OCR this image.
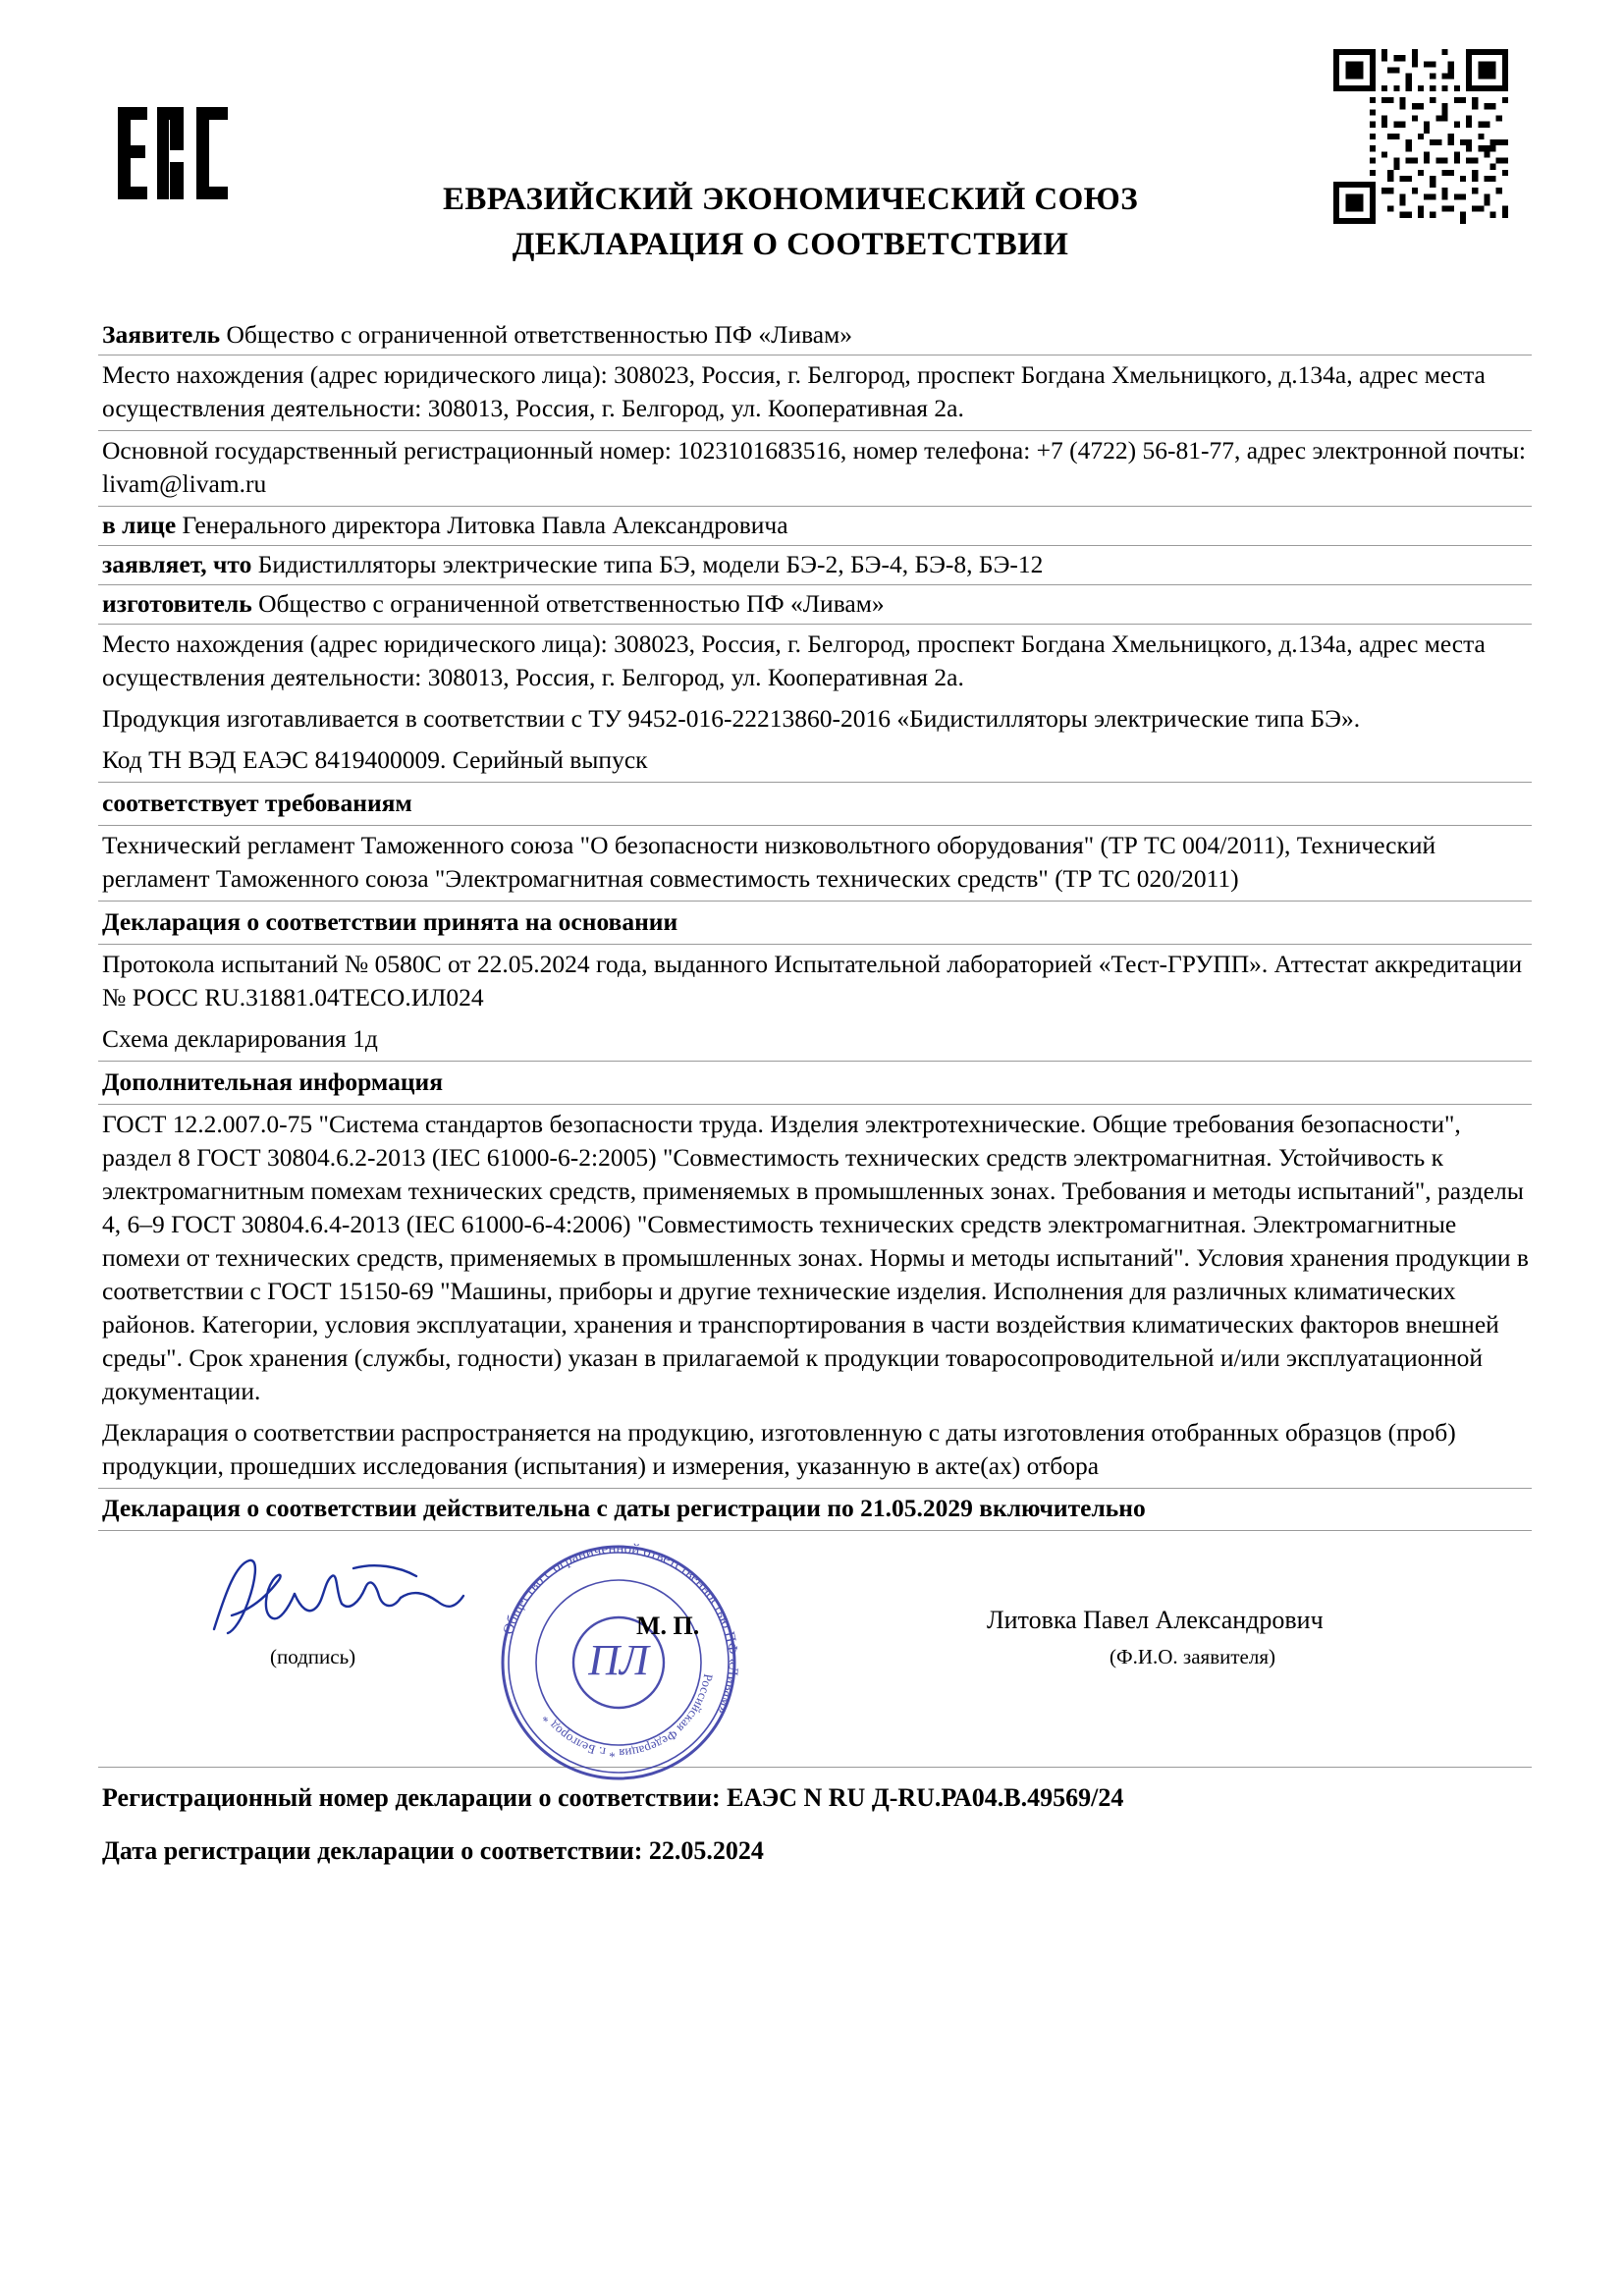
ЕВРАЗИЙСКИЙ ЭКОНОМИЧЕСКИЙ СОЮЗ
ДЕКЛАРАЦИЯ О СООТВЕТСТВИИ
Заявитель Общество с ограниченной ответственностью ПФ «Ливам»
Место нахождения (адрес юридического лица): 308023, Россия, г. Белгород, проспект Богдана Хмельницкого, д.134а, адрес места осуществления деятельности: 308013, Россия, г. Белгород, ул. Кооперативная 2а.
Основной государственный регистрационный номер: 1023101683516, номер телефона: +7 (4722) 56-81-77, адрес электронной почты: livam@livam.ru
в лице Генерального директора Литовка Павла Александровича
заявляет, что Бидистилляторы электрические типа БЭ, модели БЭ-2, БЭ-4, БЭ-8, БЭ-12
изготовитель Общество с ограниченной ответственностью ПФ «Ливам»
Место нахождения (адрес юридического лица): 308023, Россия, г. Белгород, проспект Богдана Хмельницкого, д.134а, адрес места осуществления деятельности: 308013, Россия, г. Белгород, ул. Кооперативная 2а.
Продукция изготавливается в соответствии с ТУ 9452-016-22213860-2016 «Бидистилляторы электрические типа БЭ».
Код ТН ВЭД ЕАЭС 8419400009. Серийный выпуск
соответствует требованиям
Технический регламент Таможенного союза "О безопасности низковольтного оборудования" (ТР ТС 004/2011), Технический регламент Таможенного союза "Электромагнитная совместимость технических средств" (ТР ТС 020/2011)
Декларация о соответствии принята на основании
Протокола испытаний № 0580С от 22.05.2024 года, выданного Испытательной лабораторией «Тест-ГРУПП». Аттестат аккредитации № РОСС RU.31881.04ТЕСО.ИЛ024
Схема декларирования 1д
Дополнительная информация
ГОСТ 12.2.007.0-75 "Система стандартов безопасности труда. Изделия электротехнические. Общие требования безопасности", раздел 8 ГОСТ 30804.6.2-2013 (IEC 61000-6-2:2005) "Совместимость технических средств электромагнитная. Устойчивость к электромагнитным помехам технических средств, применяемых в промышленных зонах. Требования и методы испытаний", разделы 4, 6–9 ГОСТ 30804.6.4-2013 (IEC 61000-6-4:2006) "Совместимость технических средств электромагнитная. Электромагнитные помехи от технических средств, применяемых в промышленных зонах. Нормы и методы испытаний". Условия хранения продукции в соответствии с ГОСТ 15150-69 "Машины, приборы и другие технические изделия. Исполнения для различных климатических районов. Категории, условия эксплуатации, хранения и транспортирования в части воздействия климатических факторов внешней среды". Срок хранения (службы, годности) указан в прилагаемой к продукции товаросопроводительной и/или эксплуатационной документации.
Декларация о соответствии распространяется на продукцию, изготовленную с даты изготовления отобранных образцов (проб) продукции, прошедших исследования (испытания) и измерения, указанную в акте(ах) отбора
Декларация о соответствии действительна с даты регистрации по 21.05.2029 включительно
Общество с ограниченной ответственностью ПФ «Ливам»
Российская Федерация * г. Белгород *
ПЛ
М. П.
(подпись)
Литовка Павел Александрович
(Ф.И.О. заявителя)
Регистрационный номер декларации о соответствии: ЕАЭС N RU Д-RU.РА04.В.49569/24
Дата регистрации декларации о соответствии: 22.05.2024
